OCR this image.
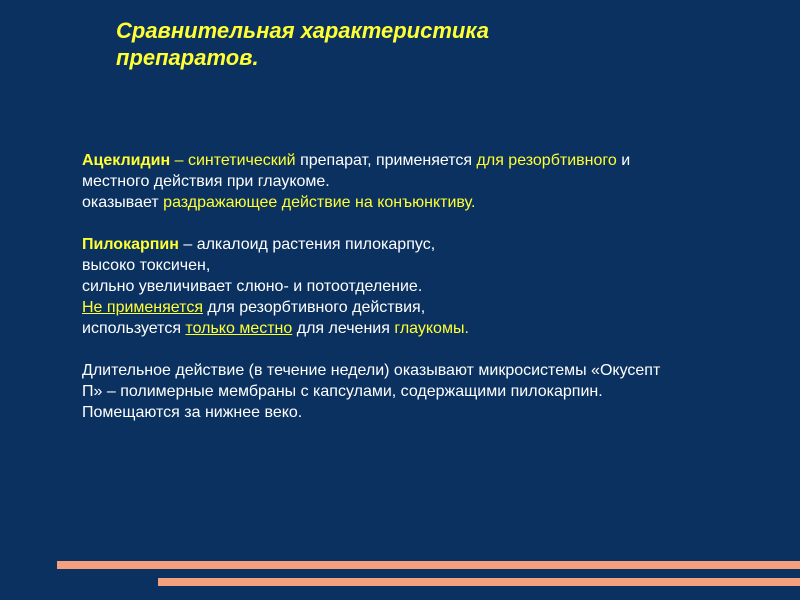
Сравнительная характеристика
препаратов.
Ацеклидин – синтетический препарат, применяется для резорбтивного и
местного действия при глаукоме.
оказывает раздражающее действие на конъюнктиву.
Пилокарпин – алкалоид растения пилокарпус,
высоко токсичен,
сильно увеличивает слюно- и потоотделение.
Не применяется для резорбтивного действия,
используется только местно для лечения глаукомы.
Длительное действие (в течение недели) оказывают микросистемы «Окусепт
П» – полимерные мембраны с капсулами, содержащими пилокарпин.
Помещаются за нижнее веко.
